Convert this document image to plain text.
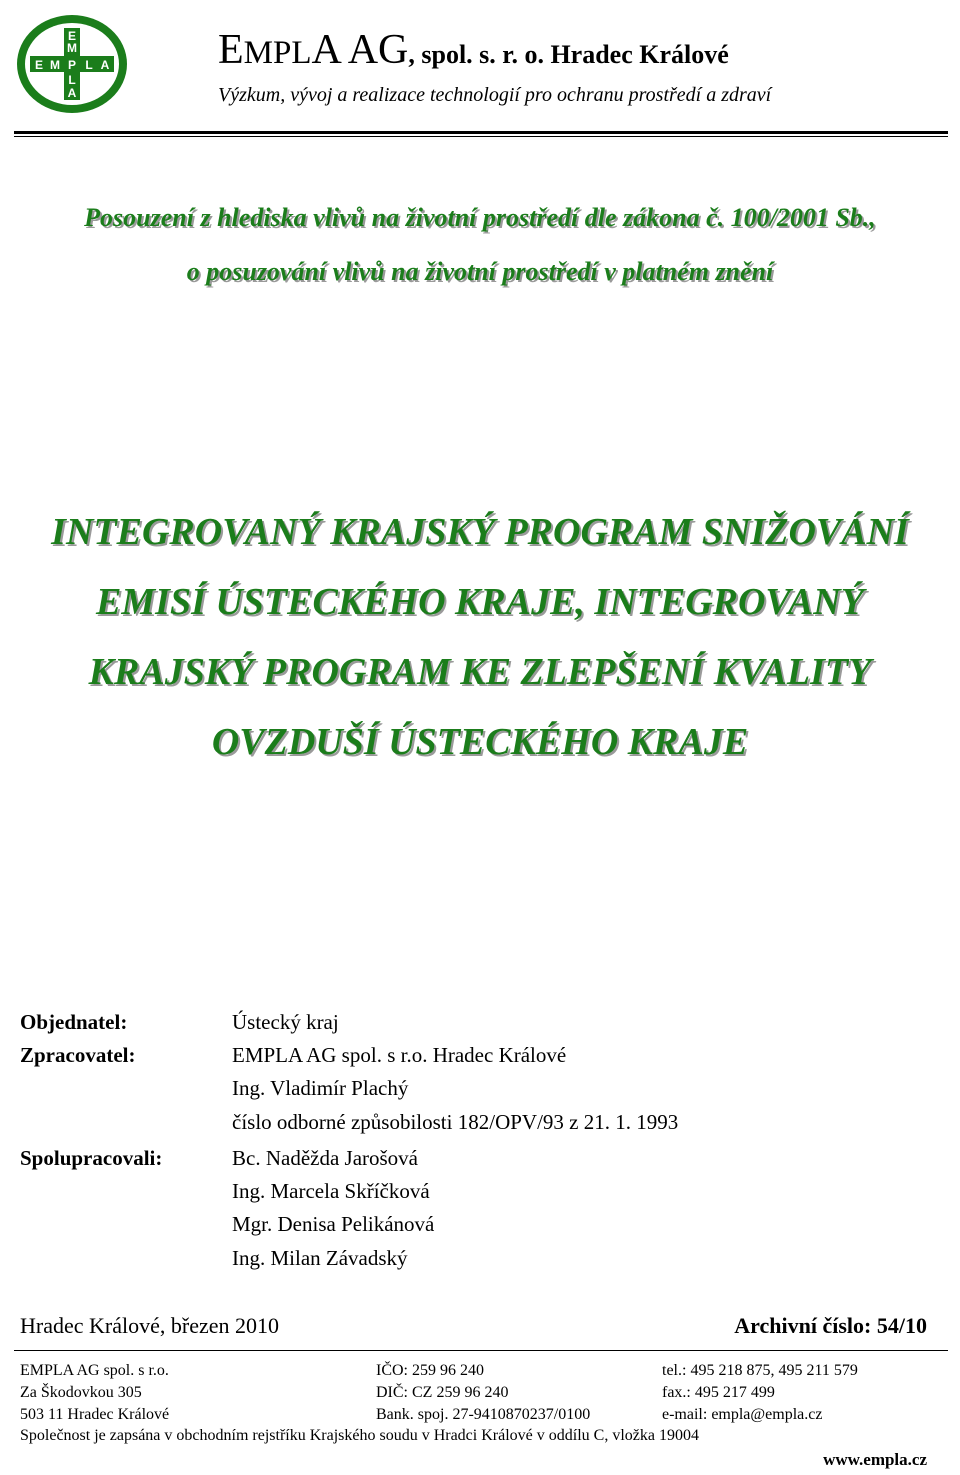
E
M
E M P L A
L
A
EMPLA AG, spol. s. r. o. Hradec Králové
Výzkum, vývoj a realizace technologií pro ochranu prostředí a zdraví
Posouzení z hlediska vlivů na životní prostředí dle zákona č. 100/2001 Sb.,
o posuzování vlivů na životní prostředí v platném znění
INTEGROVANÝ KRAJSKÝ PROGRAM SNIŽOVÁNÍ
EMISÍ ÚSTECKÉHO KRAJE, INTEGROVANÝ
KRAJSKÝ PROGRAM KE ZLEPŠENÍ KVALITY
OVZDUŠÍ ÚSTECKÉHO KRAJE
Objednatel:	Ústecký kraj
Zpracovatel:	EMPLA AG spol. s r.o. Hradec Králové
Ing. Vladimír Plachý
číslo odborné způsobilosti 182/OPV/93 z 21. 1. 1993
Spolupracovali:	Bc. Naděžda Jarošová
Ing. Marcela Skříčková
Mgr. Denisa Pelikánová
Ing. Milan Závadský
Hradec Králové, březen 2010	Archivní číslo: 54/10
EMPLA AG spol. s r.o.	IČO: 259 96 240	tel.: 495 218 875, 495 211 579
Za Škodovkou 305	DIČ: CZ 259 96 240	fax.: 495 217 499
503 11 Hradec Králové	Bank. spoj. 27-9410870237/0100	e-mail: empla@empla.cz
Společnost je zapsána v obchodním rejstříku Krajského soudu v Hradci Králové v oddílu C, vložka 19004
www.empla.cz
